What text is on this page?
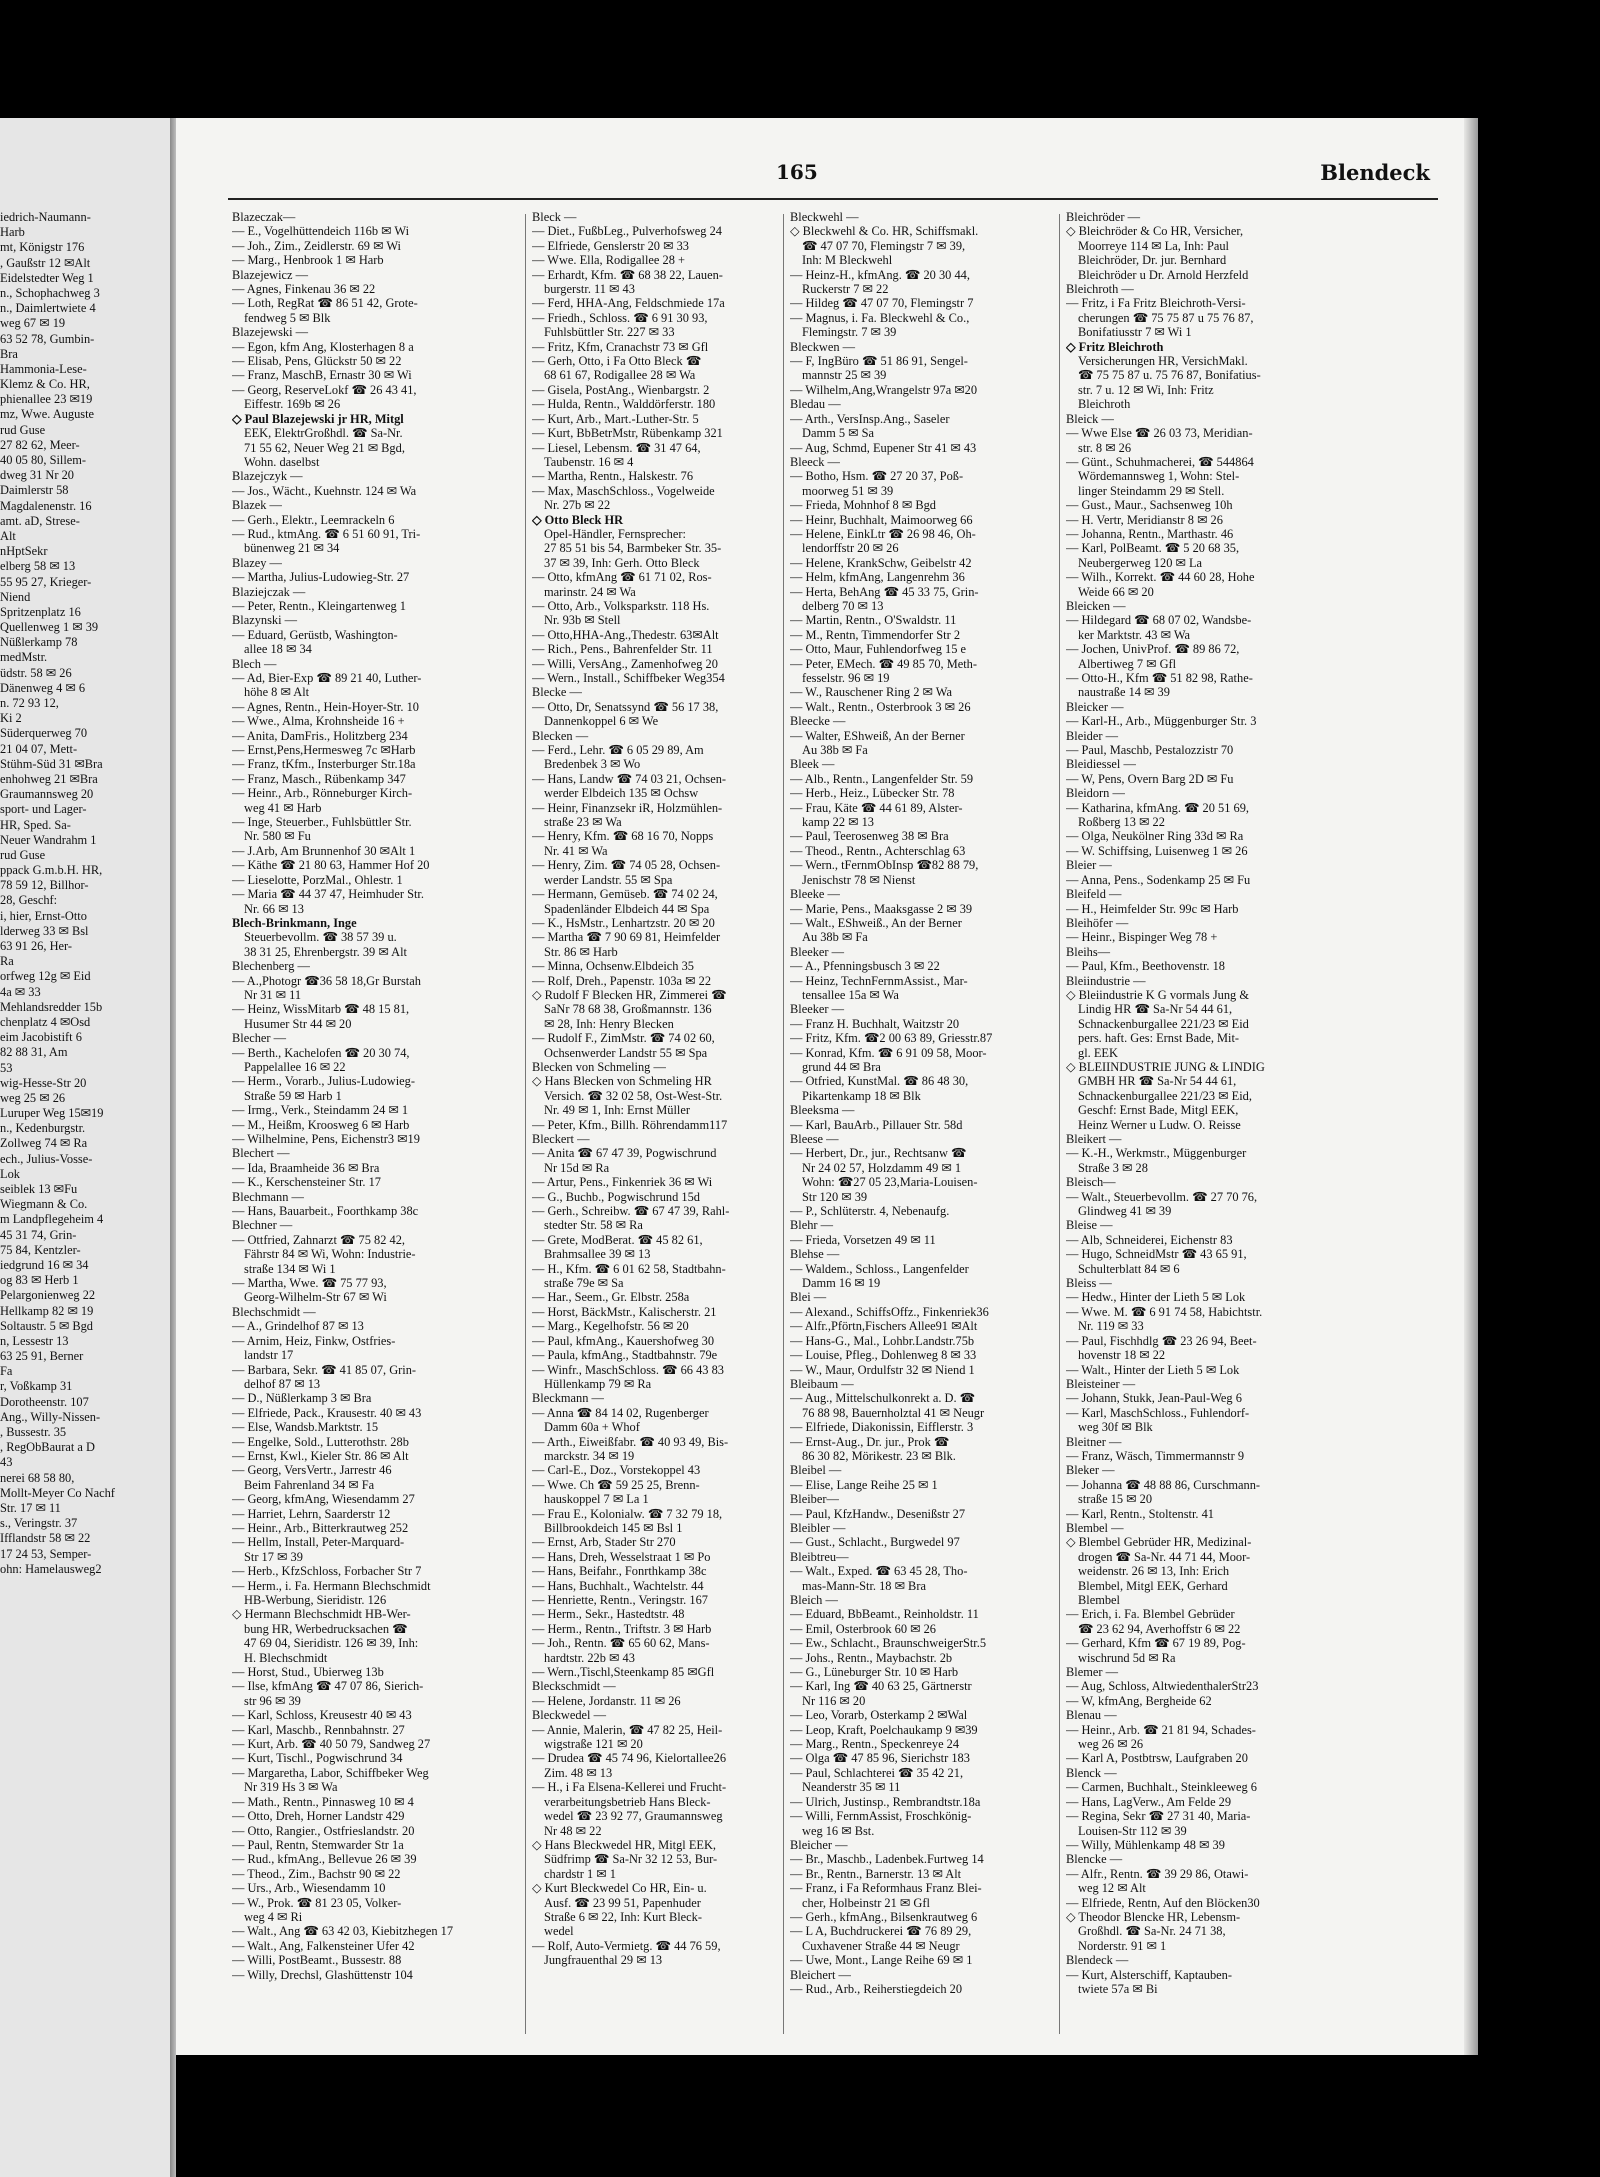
iedrich-Naumann-
Harb
mt, Königstr 176
, Gaußstr 12 ✉Alt
Eidelstedter Weg 1
n., Schophachweg 3
n., Daimlertwiete 4
weg 67 ✉ 19
63 52 78, Gumbin-
Bra
Hammonia-Lese-
Klemz & Co. HR,
phienallee 23 ✉19
mz, Wwe. Auguste
rud Guse
27 82 62, Meer-
40 05 80, Sillem-
dweg 31 Nr 20
Daimlerstr 58
Magdalenenstr. 16
amt. aD, Strese-
Alt
nHptSekr
elberg 58 ✉ 13
55 95 27, Krieger-
Niend
Spritzenplatz 16
Quellenweg 1 ✉ 39
Nüßlerkamp 78
medMstr.
üdstr. 58 ✉ 26
Dänenweg 4 ✉ 6
n. 72 93 12,
Ki 2
Süderquerweg 70
21 04 07, Mett-
Stühm-Süd 31 ✉Bra
enhohweg 21 ✉Bra
Graumannsweg 20
sport- und Lager-
HR, Sped. Sa-
Neuer Wandrahm 1
rud Guse
ppack G.m.b.H. HR,
78 59 12, Billhor-
28, Geschf:
i, hier, Ernst-Otto
lderweg 33 ✉ Bsl
63 91 26, Her-
Ra
orfweg 12g ✉ Eid
4a ✉ 33
Mehlandsredder 15b
chenplatz 4 ✉Osd
eim Jacobistift 6
82 88 31, Am
53
wig-Hesse-Str 20
weg 25 ✉ 26
Luruper Weg 15✉19
n., Kedenburgstr.
Zollweg 74 ✉ Ra
ech., Julius-Vosse-
Lok
seiblek 13 ✉Fu
Wiegmann & Co.
m Landpflegeheim 4
45 31 74, Grin-
75 84, Kentzler-
iedgrund 16 ✉ 34
og 83 ✉ Herb 1
Pelargonienweg 22
Hellkamp 82 ✉ 19
Soltaustr. 5 ✉ Bgd
n, Lessestr 13
63 25 91, Berner
Fa
r, Voßkamp 31
Dorotheenstr. 107
Ang., Willy-Nissen-
, Bussestr. 35
, RegObBaurat a D
43
nerei 68 58 80,
Mollt-Meyer Co Nachf
Str. 17 ✉ 11
s., Veringstr. 37
Ifflandstr 58 ✉ 22
17 24 53, Semper-
ohn: Hamelausweg2
165	Blendeck
Blazeczak—
— E., Vogelhüttendeich 116b ✉ Wi
— Joh., Zim., Zeidlerstr. 69 ✉ Wi
— Marg., Henbrook 1 ✉ Harb
Blazejewicz —
— Agnes, Finkenau 36 ✉ 22
— Loth, RegRat ☎ 86 51 42, Grote-
fendweg 5 ✉ Blk
Blazejewski —
— Egon, kfm Ang, Klosterhagen 8 a
— Elisab, Pens, Glückstr 50 ✉ 22
— Franz, MaschB, Ernastr 30 ✉ Wi
— Georg, ReserveLokf ☎ 26 43 41,
Eiffestr. 169b ✉ 26
◇ Paul Blazejewski jr HR, Mitgl
EEK, ElektrGroßhdl. ☎ Sa-Nr.
71 55 62, Neuer Weg 21 ✉ Bgd,
Wohn. daselbst
Blazejczyk —
— Jos., Wächt., Kuehnstr. 124 ✉ Wa
Blazek —
— Gerh., Elektr., Leemrackeln 6
— Rud., ktmAng. ☎ 6 51 60 91, Tri-
bünenweg 21 ✉ 34
Blazey —
— Martha, Julius-Ludowieg-Str. 27
Blaziejczak —
— Peter, Rentn., Kleingartenweg 1
Blazynski —
— Eduard, Gerüstb, Washington-
allee 18 ✉ 34
Blech —
— Ad, Bier-Exp ☎ 89 21 40, Luther-
höhe 8 ✉ Alt
— Agnes, Rentn., Hein-Hoyer-Str. 10
— Wwe., Alma, Krohnsheide 16 +
— Anita, DamFris., Holitzberg 234
— Ernst,Pens,Hermesweg 7c ✉Harb
— Franz, tKfm., Insterburger Str.18a
— Franz, Masch., Rübenkamp 347
— Heinr., Arb., Rönneburger Kirch-
weg 41 ✉ Harb
— Inge, Steuerber., Fuhlsbüttler Str.
Nr. 580 ✉ Fu
— J.Arb, Am Brunnenhof 30 ✉Alt 1
— Käthe ☎ 21 80 63, Hammer Hof 20
— Lieselotte, PorzMal., Ohlestr. 1
— Maria ☎ 44 37 47, Heimhuder Str.
Nr. 66 ✉ 13
Blech-Brinkmann, Inge
Steuerbevollm. ☎ 38 57 39 u.
38 31 25, Ehrenbergstr. 39 ✉ Alt
Blechenberg —
— A.,Photogr ☎36 58 18,Gr Burstah
Nr 31 ✉ 11
— Heinz, WissMitarb ☎ 48 15 81,
Husumer Str 44 ✉ 20
Blecher —
— Berth., Kachelofen ☎ 20 30 74,
Pappelallee 16 ✉ 22
— Herm., Vorarb., Julius-Ludowieg-
Straße 59 ✉ Harb 1
— Irmg., Verk., Steindamm 24 ✉ 1
— M., Heißm, Kroosweg 6 ✉ Harb
— Wilhelmine, Pens, Eichenstr3 ✉19
Blechert —
— Ida, Braamheide 36 ✉ Bra
— K., Kerschensteiner Str. 17
Blechmann —
— Hans, Bauarbeit., Foorthkamp 38c
Blechner —
— Ottfried, Zahnarzt ☎ 75 82 42,
Fährstr 84 ✉ Wi, Wohn: Industrie-
straße 134 ✉ Wi 1
— Martha, Wwe. ☎ 75 77 93,
Georg-Wilhelm-Str 67 ✉ Wi
Blechschmidt —
— A., Grindelhof 87 ✉ 13
— Arnim, Heiz, Finkw, Ostfries-
landstr 17
— Barbara, Sekr. ☎ 41 85 07, Grin-
delhof 87 ✉ 13
— D., Nüßlerkamp 3 ✉ Bra
— Elfriede, Pack., Krausestr. 40 ✉ 43
— Else, Wandsb.Marktstr. 15
— Engelke, Sold., Lutterothstr. 28b
— Ernst, Kwl., Kieler Str. 86 ✉ Alt
— Georg, VersVertr., Jarrestr 46
Beim Fahrenland 34 ✉ Fa
— Georg, kfmAng, Wiesendamm 27
— Harriet, Lehrn, Saarderstr 12
— Heinr., Arb., Bitterkrautweg 252
— Hellm, Install, Peter-Marquard-
Str 17 ✉ 39
— Herb., KfzSchloss, Forbacher Str 7
— Herm., i. Fa. Hermann Blechschmidt
HB-Werbung, Sieridistr. 126
◇ Hermann Blechschmidt HB-Wer-
bung HR, Werbedrucksachen ☎
47 69 04, Sieridistr. 126 ✉ 39, Inh:
H. Blechschmidt
— Horst, Stud., Ubierweg 13b
— Ilse, kfmAng ☎ 47 07 86, Sierich-
str 96 ✉ 39
— Karl, Schloss, Kreusestr 40 ✉ 43
— Karl, Maschb., Rennbahnstr. 27
— Kurt, Arb. ☎ 40 50 79, Sandweg 27
— Kurt, Tischl., Pogwischrund 34
— Margaretha, Labor, Schiffbeker Weg
Nr 319 Hs 3 ✉ Wa
— Math., Rentn., Pinnasweg 10 ✉ 4
— Otto, Dreh, Horner Landstr 429
— Otto, Rangier., Ostfrieslandstr. 20
— Paul, Rentn, Stemwarder Str 1a
— Rud., kfmAng., Bellevue 26 ✉ 39
— Theod., Zim., Bachstr 90 ✉ 22
— Urs., Arb., Wiesendamm 10
— W., Prok. ☎ 81 23 05, Volker-
weg 4 ✉ Ri
— Walt., Ang ☎ 63 42 03, Kiebitzhegen 17
— Walt., Ang, Falkensteiner Ufer 42
— Willi, PostBeamt., Bussestr. 88
— Willy, Drechsl, Glashüttenstr 104
Bleck —
— Diet., FußbLeg., Pulverhofsweg 24
— Elfriede, Genslerstr 20 ✉ 33
— Wwe. Ella, Rodigallee 28 +
— Erhardt, Kfm. ☎ 68 38 22, Lauen-
burgerstr. 11 ✉ 43
— Ferd, HHA-Ang, Feldschmiede 17a
— Friedh., Schloss. ☎ 6 91 30 93,
Fuhlsbüttler Str. 227 ✉ 33
— Fritz, Kfm, Cranachstr 73 ✉ Gfl
— Gerh, Otto, i Fa Otto Bleck ☎
68 61 67, Rodigallee 28 ✉ Wa
— Gisela, PostAng., Wienbargstr. 2
— Hulda, Rentn., Walddörferstr. 180
— Kurt, Arb., Mart.-Luther-Str. 5
— Kurt, BbBetrMstr, Rübenkamp 321
— Liesel, Lebensm. ☎ 31 47 64,
Taubenstr. 16 ✉ 4
— Martha, Rentn., Halskestr. 76
— Max, MaschSchloss., Vogelweide
Nr. 27b ✉ 22
◇ Otto Bleck HR
Opel-Händler, Fernsprecher:
27 85 51 bis 54, Barmbeker Str. 35-
37 ✉ 39, Inh: Gerh. Otto Bleck
— Otto, kfmAng ☎ 61 71 02, Ros-
marinstr. 24 ✉ Wa
— Otto, Arb., Volksparkstr. 118 Hs.
Nr. 93b ✉ Stell
— Otto,HHA-Ang.,Thedestr. 63✉Alt
— Rich., Pens., Bahrenfelder Str. 11
— Willi, VersAng., Zamenhofweg 20
— Wern., Install., Schiffbeker Weg354
Blecke —
— Otto, Dr, Senatssynd ☎ 56 17 38,
Dannenkoppel 6 ✉ We
Blecken —
— Ferd., Lehr. ☎ 6 05 29 89, Am
Bredenbek 3 ✉ Wo
— Hans, Landw ☎ 74 03 21, Ochsen-
werder Elbdeich 135 ✉ Ochsw
— Heinr, Finanzsekr iR, Holzmühlen-
straße 23 ✉ Wa
— Henry, Kfm. ☎ 68 16 70, Nopps
Nr. 41 ✉ Wa
— Henry, Zim. ☎ 74 05 28, Ochsen-
werder Landstr. 55 ✉ Spa
— Hermann, Gemüseb. ☎ 74 02 24,
Spadenländer Elbdeich 44 ✉ Spa
— K., HsMstr., Lenhartzstr. 20 ✉ 20
— Martha ☎ 7 90 69 81, Heimfelder
Str. 86 ✉ Harb
— Minna, Ochsenw.Elbdeich 35
— Rolf, Dreh., Papenstr. 103a ✉ 22
◇ Rudolf F Blecken HR, Zimmerei ☎
SaNr 78 68 38, Großmannstr. 136
✉ 28, Inh: Henry Blecken
— Rudolf F., ZimMstr. ☎ 74 02 60,
Ochsenwerder Landstr 55 ✉ Spa
Blecken von Schmeling —
◇ Hans Blecken von Schmeling HR
Versich. ☎ 32 02 58, Ost-West-Str.
Nr. 49 ✉ 1, Inh: Ernst Müller
— Peter, Kfm., Billh. Röhrendamm117
Bleckert —
— Anita ☎ 67 47 39, Pogwischrund
Nr 15d ✉ Ra
— Artur, Pens., Finkenriek 36 ✉ Wi
— G., Buchb., Pogwischrund 15d
— Gerh., Schreibw. ☎ 67 47 39, Rahl-
stedter Str. 58 ✉ Ra
— Grete, ModBerat. ☎ 45 82 61,
Brahmsallee 39 ✉ 13
— H., Kfm. ☎ 6 01 62 58, Stadtbahn-
straße 79e ✉ Sa
— Har., Seem., Gr. Elbstr. 258a
— Horst, BäckMstr., Kalischerstr. 21
— Marg., Kegelhofstr. 56 ✉ 20
— Paul, kfmAng., Kauershofweg 30
— Paula, kfmAng., Stadtbahnstr. 79e
— Winfr., MaschSchloss. ☎ 66 43 83
Hüllenkamp 79 ✉ Ra
Bleckmann —
— Anna ☎ 84 14 02, Rugenberger
Damm 60a + Whof
— Arth., Eiweißfabr. ☎ 40 93 49, Bis-
marckstr. 34 ✉ 19
— Carl-E., Doz., Vorstekoppel 43
— Wwe. Ch ☎ 59 25 25, Brenn-
hauskoppel 7 ✉ La 1
— Frau E., Kolonialw. ☎ 7 32 79 18,
Billbrookdeich 145 ✉ Bsl 1
— Ernst, Arb, Stader Str 270
— Hans, Dreh, Wesselstraat 1 ✉ Po
— Hans, Beifahr., Fonrthkamp 38c
— Hans, Buchhalt., Wachtelstr. 44
— Henriette, Rentn., Veringstr. 167
— Herm., Sekr., Hastedtstr. 48
— Herm., Rentn., Triftstr. 3 ✉ Harb
— Joh., Rentn. ☎ 65 60 62, Mans-
hardtstr. 22b ✉ 43
— Wern.,Tischl,Steenkamp 85 ✉Gfl
Bleckschmidt —
— Helene, Jordanstr. 11 ✉ 26
Bleckwedel —
— Annie, Malerin, ☎ 47 82 25, Heil-
wigstraße 121 ✉ 20
— Drudea ☎ 45 74 96, Kielortallee26
Zim. 48 ✉ 13
— H., i Fa Elsena-Kellerei und Frucht-
verarbeitungsbetrieb Hans Bleck-
wedel ☎ 23 92 77, Graumannsweg
Nr 48 ✉ 22
◇ Hans Bleckwedel HR, Mitgl EEK,
Südfrimp ☎ Sa-Nr 32 12 53, Bur-
chardstr 1 ✉ 1
◇ Kurt Bleckwedel Co HR, Ein- u.
Ausf. ☎ 23 99 51, Papenhuder
Straße 6 ✉ 22, Inh: Kurt Bleck-
wedel
— Rolf, Auto-Vermietg. ☎ 44 76 59,
Jungfrauenthal 29 ✉ 13
Bleckwehl —
◇ Bleckwehl & Co. HR, Schiffsmakl.
☎ 47 07 70, Flemingstr 7 ✉ 39,
Inh: M Bleckwehl
— Heinz-H., kfmAng. ☎ 20 30 44,
Ruckerstr 7 ✉ 22
— Hildeg ☎ 47 07 70, Flemingstr 7
— Magnus, i. Fa. Bleckwehl & Co.,
Flemingstr. 7 ✉ 39
Bleckwen —
— F, IngBüro ☎ 51 86 91, Sengel-
mannstr 25 ✉ 39
— Wilhelm,Ang,Wrangelstr 97a ✉20
Bledau —
— Arth., VersInsp.Ang., Saseler
Damm 5 ✉ Sa
— Aug, Schmd, Eupener Str 41 ✉ 43
Bleeck —
— Botho, Hsm. ☎ 27 20 37, Poß-
moorweg 51 ✉ 39
— Frieda, Mohnhof 8 ✉ Bgd
— Heinr, Buchhalt, Maimoorweg 66
— Helene, EinkLtr ☎ 26 98 46, Oh-
lendorffstr 20 ✉ 26
— Helene, KrankSchw, Geibelstr 42
— Helm, kfmAng, Langenrehm 36
— Herta, BehAng ☎ 45 33 75, Grin-
delberg 70 ✉ 13
— Martin, Rentn., O'Swaldstr. 11
— M., Rentn, Timmendorfer Str 2
— Otto, Maur, Fuhlendorfweg 15 e
— Peter, EMech. ☎ 49 85 70, Meth-
fesselstr. 96 ✉ 19
— W., Rauschener Ring 2 ✉ Wa
— Walt., Rentn., Osterbrook 3 ✉ 26
Bleecke —
— Walter, EShweiß, An der Berner
Au 38b ✉ Fa
Bleek —
— Alb., Rentn., Langenfelder Str. 59
— Herb., Heiz., Lübecker Str. 78
— Frau, Käte ☎ 44 61 89, Alster-
kamp 22 ✉ 13
— Paul, Teerosenweg 38 ✉ Bra
— Theod., Rentn., Achterschlag 63
— Wern., tFernmObInsp ☎82 88 79,
Jenischstr 78 ✉ Nienst
Bleeke —
— Marie, Pens., Maaksgasse 2 ✉ 39
— Walt., EShweiß., An der Berner
Au 38b ✉ Fa
Bleeker —
— A., Pfenningsbusch 3 ✉ 22
— Heinz, TechnFernmAssist., Mar-
tensallee 15a ✉ Wa
Bleeker —
— Franz H. Buchhalt, Waitzstr 20
— Fritz, Kfm. ☎2 00 63 89, Griesstr.87
— Konrad, Kfm. ☎ 6 91 09 58, Moor-
grund 44 ✉ Bra
— Otfried, KunstMal. ☎ 86 48 30,
Pikartenkamp 18 ✉ Blk
Bleeksma —
— Karl, BauArb., Pillauer Str. 58d
Bleese —
— Herbert, Dr., jur., Rechtsanw ☎
Nr 24 02 57, Holzdamm 49 ✉ 1
Wohn: ☎27 05 23,Maria-Louisen-
Str 120 ✉ 39
— P., Schlüterstr. 4, Nebenaufg.
Blehr —
— Frieda, Vorsetzen 49 ✉ 11
Blehse —
— Waldem., Schloss., Langenfelder
Damm 16 ✉ 19
Blei —
— Alexand., SchiffsOffz., Finkenriek36
— Alfr.,Pförtn,Fischers Allee91 ✉Alt
— Hans-G., Mal., Lohbr.Landstr.75b
— Louise, Pfleg., Dohlenweg 8 ✉ 33
— W., Maur, Ordulfstr 32 ✉ Niend 1
Bleibaum —
— Aug., Mittelschulkonrekt a. D. ☎
76 88 98, Bauernholztal 41 ✉ Neugr
— Elfriede, Diakonissin, Eifflerstr. 3
— Ernst-Aug., Dr. jur., Prok ☎
86 30 82, Mörikestr. 23 ✉ Blk.
Bleibel —
— Elise, Lange Reihe 25 ✉ 1
Bleiber—
— Paul, KfzHandw., Desenißstr 27
Bleibler —
— Gust., Schlacht., Burgwedel 97
Bleibtreu—
— Walt., Exped. ☎ 63 45 28, Tho-
mas-Mann-Str. 18 ✉ Bra
Bleich —
— Eduard, BbBeamt., Reinholdstr. 11
— Emil, Osterbrook 60 ✉ 26
— Ew., Schlacht., BraunschweigerStr.5
— Johs., Rentn., Maybachstr. 2b
— G., Lüneburger Str. 10 ✉ Harb
— Karl, Ing ☎ 40 63 25, Gärtnerstr
Nr 116 ✉ 20
— Leo, Vorarb, Osterkamp 2 ✉Wal
— Leop, Kraft, Poelchaukamp 9 ✉39
— Marg., Rentn., Speckenreye 24
— Olga ☎ 47 85 96, Sierichstr 183
— Paul, Schlachterei ☎ 35 42 21,
Neanderstr 35 ✉ 11
— Ulrich, Justinsp., Rembrandtstr.18a
— Willi, FernmAssist, Froschkönig-
weg 16 ✉ Bst.
Bleicher —
— Br., Maschb., Ladenbek.Furtweg 14
— Br., Rentn., Barnerstr. 13 ✉ Alt
— Franz, i Fa Reformhaus Franz Blei-
cher, Holbeinstr 21 ✉ Gfl
— Gerh., kfmAng., Bilsenkrautweg 6
— L A, Buchdruckerei ☎ 76 89 29,
Cuxhavener Straße 44 ✉ Neugr
— Uwe, Mont., Lange Reihe 69 ✉ 1
Bleichert —
— Rud., Arb., Reiherstiegdeich 20
Bleichröder —
◇ Bleichröder & Co HR, Versicher,
Moorreye 114 ✉ La, Inh: Paul
Bleichröder, Dr. jur. Bernhard
Bleichröder u Dr. Arnold Herzfeld
Bleichroth —
— Fritz, i Fa Fritz Bleichroth-Versi-
cherungen ☎ 75 75 87 u 75 76 87,
Bonifatiusstr 7 ✉ Wi 1
◇ Fritz Bleichroth
Versicherungen HR, VersichMakl.
☎ 75 75 87 u. 75 76 87, Bonifatius-
str. 7 u. 12 ✉ Wi, Inh: Fritz
Bleichroth
Bleick —
— Wwe Else ☎ 26 03 73, Meridian-
str. 8 ✉ 26
— Günt., Schuhmacherei, ☎ 544864
Wördemannsweg 1, Wohn: Stel-
linger Steindamm 29 ✉ Stell.
— Gust., Maur., Sachsenweg 10h
— H. Vertr, Meridianstr 8 ✉ 26
— Johanna, Rentn., Marthastr. 46
— Karl, PolBeamt. ☎ 5 20 68 35,
Neubergerweg 120 ✉ La
— Wilh., Korrekt. ☎ 44 60 28, Hohe
Weide 66 ✉ 20
Bleicken —
— Hildegard ☎ 68 07 02, Wandsbe-
ker Marktstr. 43 ✉ Wa
— Jochen, UnivProf. ☎ 89 86 72,
Albertiweg 7 ✉ Gfl
— Otto-H., Kfm ☎ 51 82 98, Rathe-
naustraße 14 ✉ 39
Bleicker —
— Karl-H., Arb., Müggenburger Str. 3
Bleider —
— Paul, Maschb, Pestalozzistr 70
Bleidiessel —
— W, Pens, Overn Barg 2D ✉ Fu
Bleidorn —
— Katharina, kfmAng. ☎ 20 51 69,
Roßberg 13 ✉ 22
— Olga, Neukölner Ring 33d ✉ Ra
— W. Schiffsing, Luisenweg 1 ✉ 26
Bleier —
— Anna, Pens., Sodenkamp 25 ✉ Fu
Bleifeld —
— H., Heimfelder Str. 99c ✉ Harb
Bleihöfer —
— Heinr., Bispinger Weg 78 +
Bleihs—
— Paul, Kfm., Beethovenstr. 18
Bleiindustrie —
◇ Bleiindustrie K G vormals Jung &
Lindig HR ☎ Sa-Nr 54 44 61,
Schnackenburgallee 221/23 ✉ Eid
pers. haft. Ges: Ernst Bade, Mit-
gl. EEK
◇ BLEIINDUSTRIE JUNG & LINDIG
GMBH HR ☎ Sa-Nr 54 44 61,
Schnackenburgallee 221/23 ✉ Eid,
Geschf: Ernst Bade, Mitgl EEK,
Heinz Werner u Ludw. O. Reisse
Bleikert —
— K.-H., Werkmstr., Müggenburger
Straße 3 ✉ 28
Bleisch—
— Walt., Steuerbevollm. ☎ 27 70 76,
Glindweg 41 ✉ 39
Bleise —
— Alb, Schneiderei, Eichenstr 83
— Hugo, SchneidMstr ☎ 43 65 91,
Schulterblatt 84 ✉ 6
Bleiss —
— Hedw., Hinter der Lieth 5 ✉ Lok
— Wwe. M. ☎ 6 91 74 58, Habichtstr.
Nr. 119 ✉ 33
— Paul, Fischhdlg ☎ 23 26 94, Beet-
hovenstr 18 ✉ 22
— Walt., Hinter der Lieth 5 ✉ Lok
Bleisteiner —
— Johann, Stukk, Jean-Paul-Weg 6
— Karl, MaschSchloss., Fuhlendorf-
weg 30f ✉ Blk
Bleitner —
— Franz, Wäsch, Timmermannstr 9
Bleker —
— Johanna ☎ 48 88 86, Curschmann-
straße 15 ✉ 20
— Karl, Rentn., Stoltenstr. 41
Blembel —
◇ Blembel Gebrüder HR, Medizinal-
drogen ☎ Sa-Nr. 44 71 44, Moor-
weidenstr. 26 ✉ 13, Inh: Erich
Blembel, Mitgl EEK, Gerhard
Blembel
— Erich, i. Fa. Blembel Gebrüder
☎ 23 62 94, Averhoffstr 6 ✉ 22
— Gerhard, Kfm ☎ 67 19 89, Pog-
wischrund 5d ✉ Ra
Blemer —
— Aug, Schloss, AltwiedenthalerStr23
— W, kfmAng, Bergheide 62
Blenau —
— Heinr., Arb. ☎ 21 81 94, Schades-
weg 26 ✉ 26
— Karl A, Postbtrsw, Laufgraben 20
Blenck —
— Carmen, Buchhalt., Steinkleeweg 6
— Hans, LagVerw., Am Felde 29
— Regina, Sekr ☎ 27 31 40, Maria-
Louisen-Str 112 ✉ 39
— Willy, Mühlenkamp 48 ✉ 39
Blencke —
— Alfr., Rentn. ☎ 39 29 86, Otawi-
weg 12 ✉ Alt
— Elfriede, Rentn, Auf den Blöcken30
◇ Theodor Blencke HR, Lebensm-
Großhdl. ☎ Sa-Nr. 24 71 38,
Norderstr. 91 ✉ 1
Blendeck —
— Kurt, Alsterschiff, Kaptauben-
twiete 57a ✉ Bi
